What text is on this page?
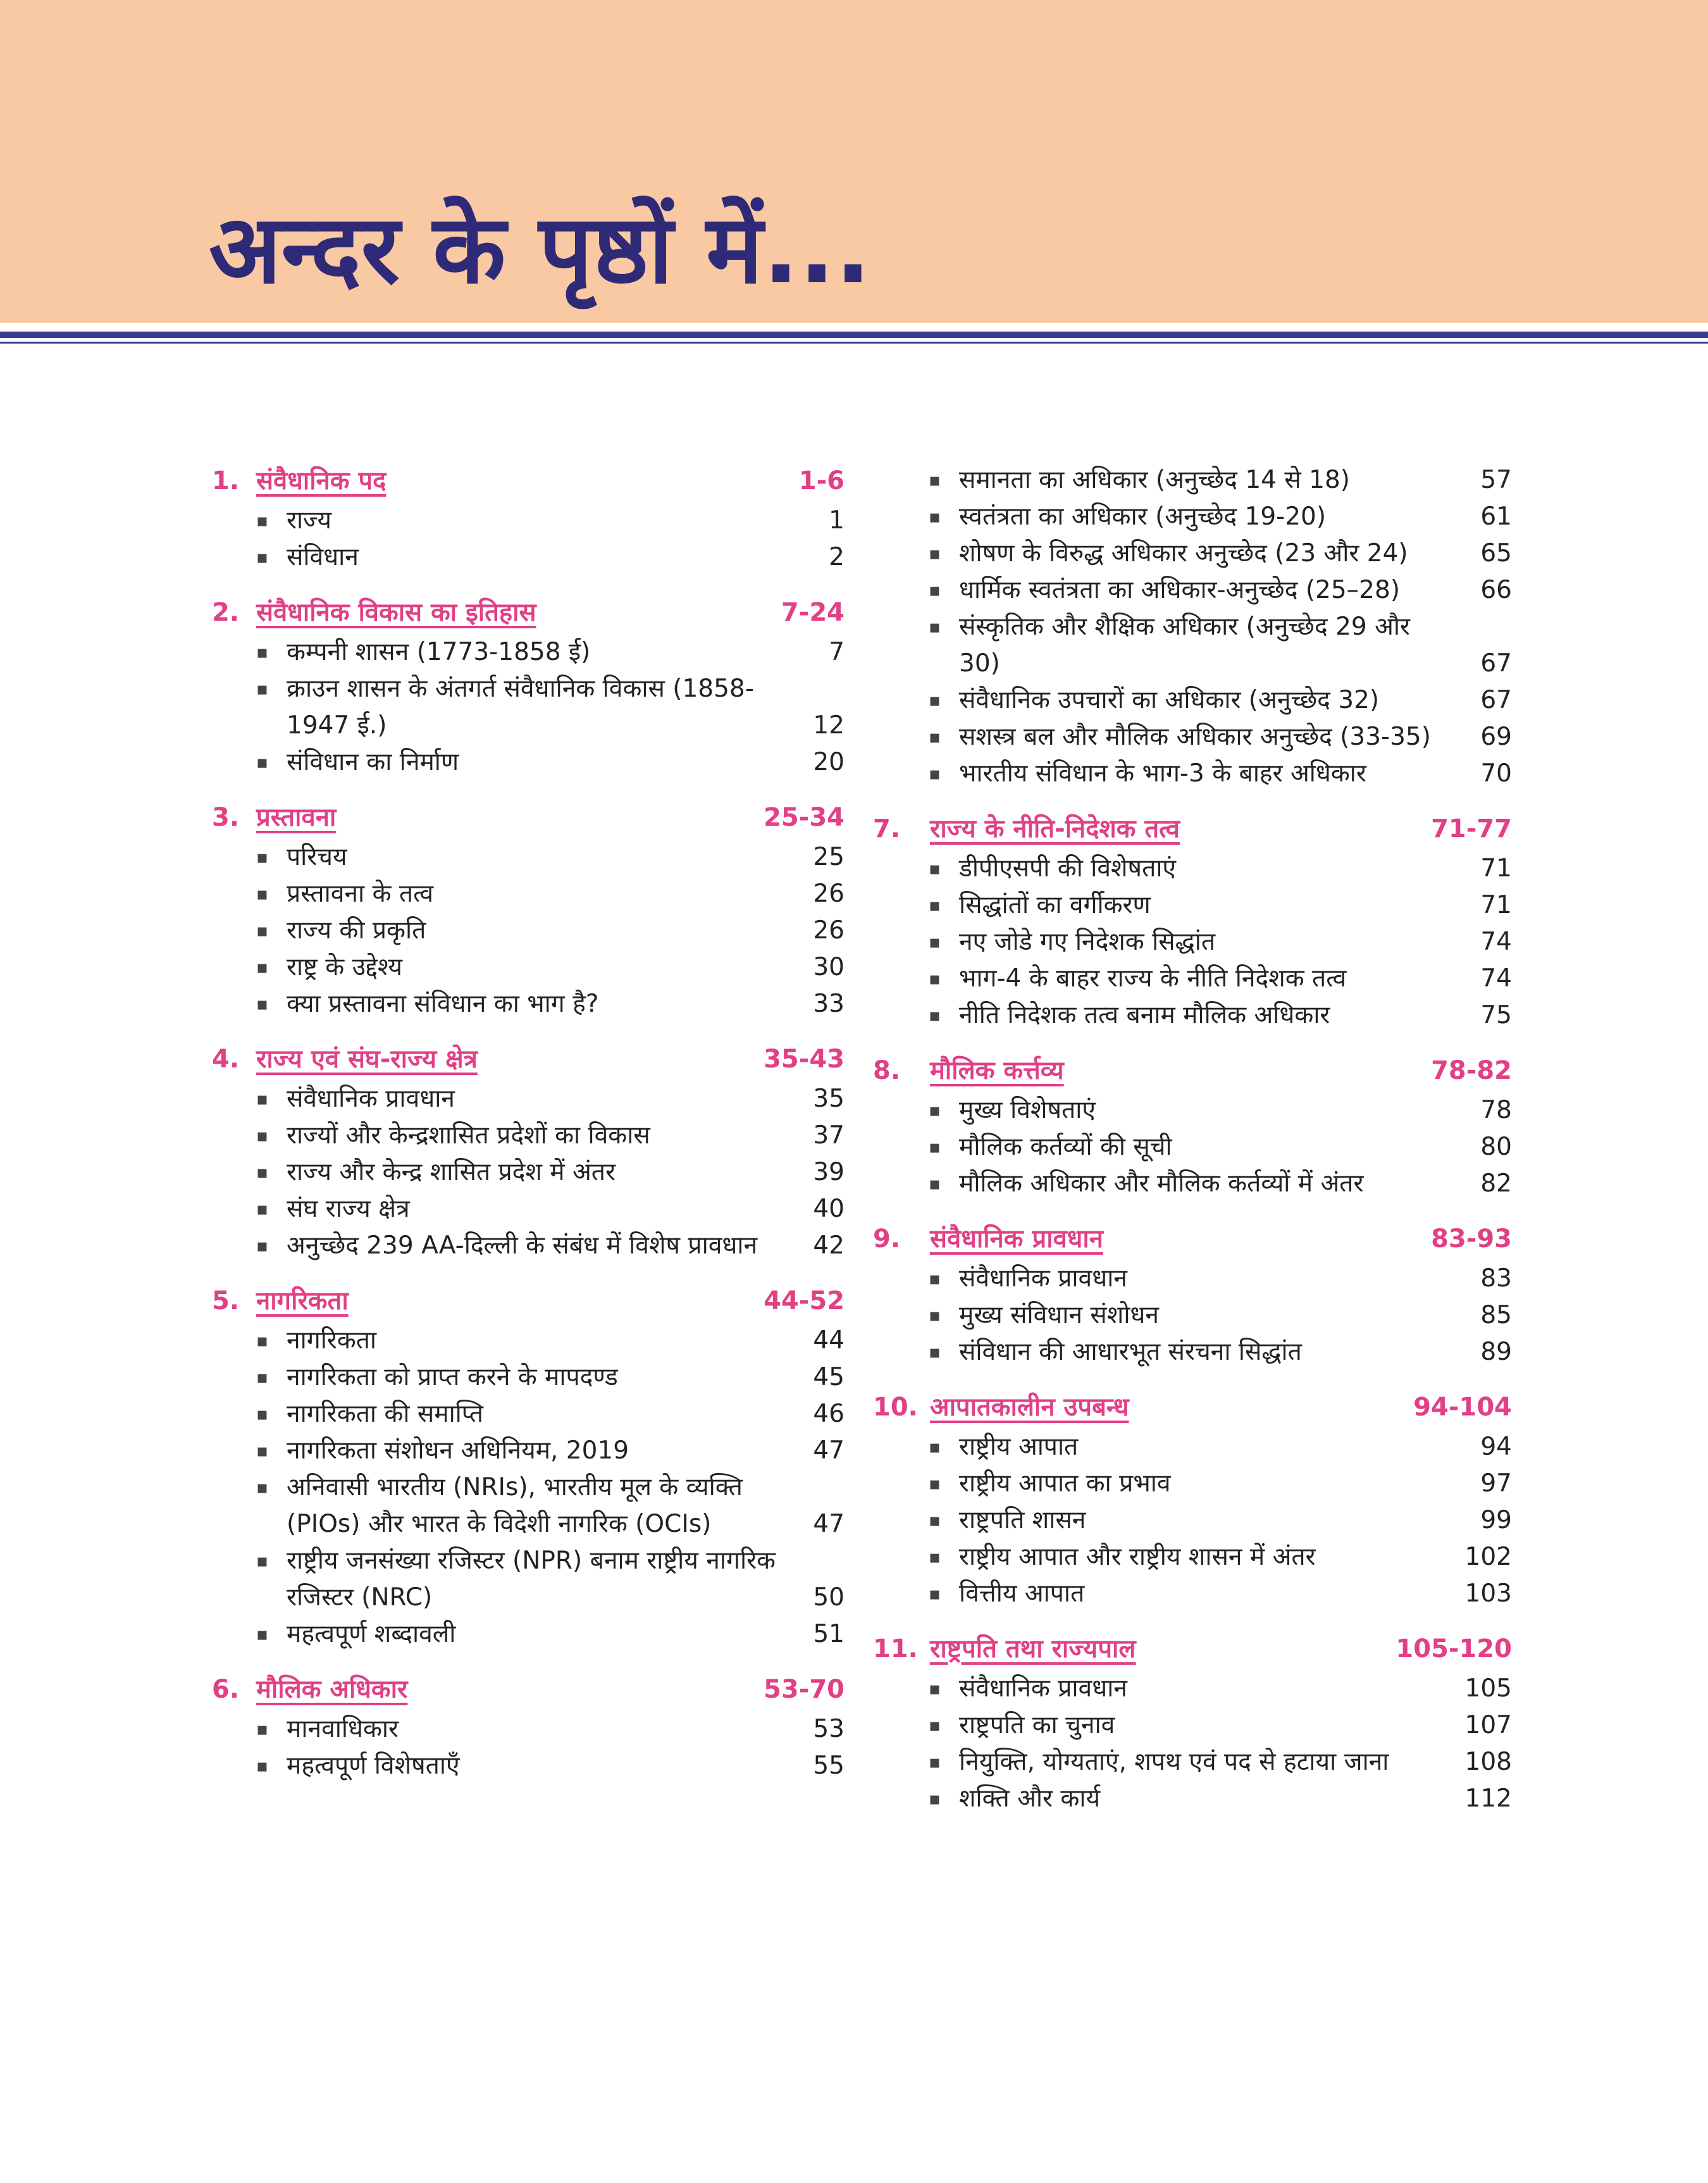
अन्दर के पृष्ठों में...
1. संवैधानिक पद	1-6
▪ राज्य	1
▪ संविधान	2
2. संवैधानिक विकास का इतिहास	7-24
▪ कम्पनी शासन (1773-1858 ई)	7
▪ क्राउन शासन के अंतगर्त संवैधानिक विकास (1858-1947 ई.)	12
▪ संविधान का निर्माण	20
3. प्रस्तावना	25-34
▪ परिचय	25
▪ प्रस्तावना के तत्व	26
▪ राज्य की प्रकृति	26
▪ राष्ट्र के उद्देश्य	30
▪ क्या प्रस्तावना संविधान का भाग है?	33
4. राज्य एवं संघ-राज्य क्षेत्र	35-43
▪ संवैधानिक प्रावधान	35
▪ राज्यों और केन्द्रशासित प्रदेशों का विकास	37
▪ राज्य और केन्द्र शासित प्रदेश में अंतर	39
▪ संघ राज्य क्षेत्र	40
▪ अनुच्छेद 239 AA-दिल्ली के संबंध में विशेष प्रावधान	42
5. नागरिकता	44-52
▪ नागरिकता	44
▪ नागरिकता को प्राप्त करने के मापदण्ड	45
▪ नागरिकता की समाप्ति	46
▪ नागरिकता संशोधन अधिनियम, 2019	47
▪ अनिवासी भारतीय (NRIs), भारतीय मूल के व्यक्ति (PIOs) और भारत के विदेशी नागरिक (OCIs)	47
▪ राष्ट्रीय जनसंख्या रजिस्टर (NPR) बनाम राष्ट्रीय नागरिक रजिस्टर (NRC)	50
▪ महत्वपूर्ण शब्दावली	51
6. मौलिक अधिकार	53-70
▪ मानवाधिकार	53
▪ महत्वपूर्ण विशेषताएँ	55
▪ समानता का अधिकार (अनुच्छेद 14 से 18)	57
▪ स्वतंत्रता का अधिकार (अनुच्छेद 19-20)	61
▪ शोषण के विरुद्ध अधिकार अनुच्छेद (23 और 24)	65
▪ धार्मिक स्वतंत्रता का अधिकार-अनुच्छेद (25–28)	66
▪ संस्कृतिक और शैक्षिक अधिकार (अनुच्छेद 29 और 30)	67
▪ संवैधानिक उपचारों का अधिकार (अनुच्छेद 32)	67
▪ सशस्त्र बल और मौलिक अधिकार अनुच्छेद (33-35)	69
▪ भारतीय संविधान के भाग-3 के बाहर अधिकार	70
7.	राज्य के नीति-निदेशक तत्व	71-77
▪ डीपीएसपी की विशेषताएं	71
▪ सिद्धांतों का वर्गीकरण	71
▪ नए जोडे गए निदेशक सिद्धांत	74
▪ भाग-4 के बाहर राज्य के नीति निदेशक तत्व	74
▪ नीति निदेशक तत्व बनाम मौलिक अधिकार	75
8.	मौलिक कर्त्तव्य	78-82
▪ मुख्य विशेषताएं	78
▪ मौलिक कर्तव्यों की सूची	80
▪ मौलिक अधिकार और मौलिक कर्तव्यों में अंतर	82
9.	संवैधानिक प्रावधान	83-93
▪ संवैधानिक प्रावधान	83
▪ मुख्य संविधान संशोधन	85
▪ संविधान की आधारभूत संरचना सिद्धांत	89
10. आपातकालीन उपबन्ध	94-104
▪ राष्ट्रीय आपात	94
▪ राष्ट्रीय आपात का प्रभाव	97
▪ राष्ट्रपति शासन	99
▪ राष्ट्रीय आपात और राष्ट्रीय शासन में अंतर	102
▪ वित्तीय आपात	103
11. राष्ट्रपति तथा राज्यपाल	105-120
▪ संवैधानिक प्रावधान	105
▪ राष्ट्रपति का चुनाव	107
▪ नियुक्ति, योग्यताएं, शपथ एवं पद से हटाया जाना	108
▪ शक्ति और कार्य	112
